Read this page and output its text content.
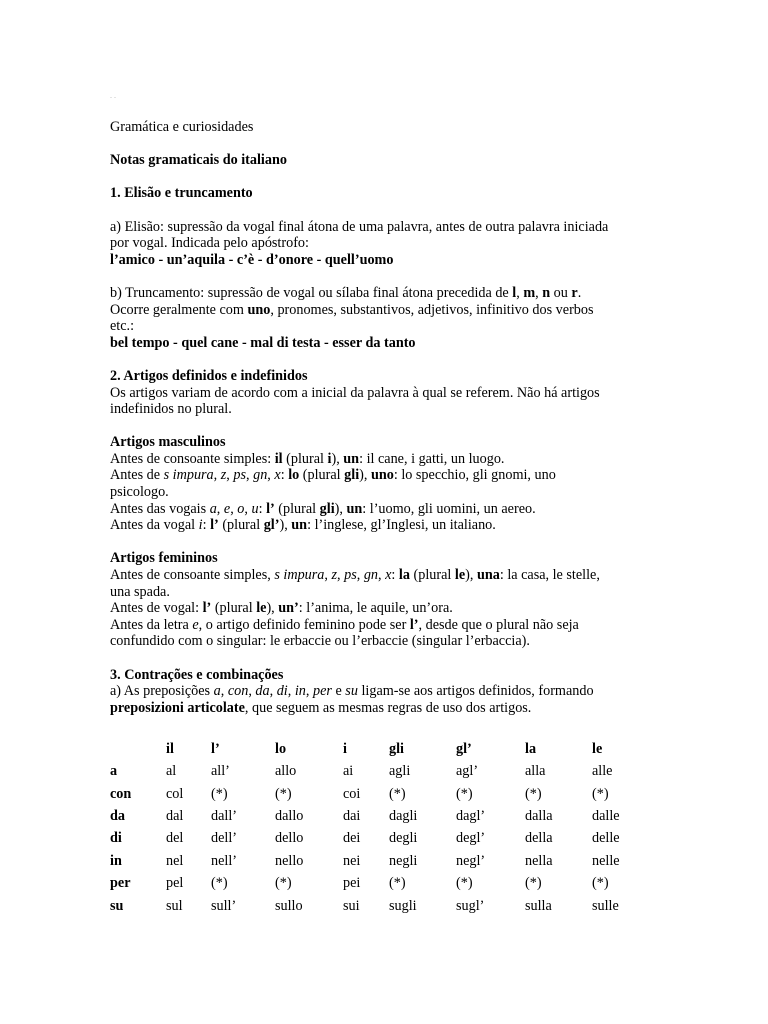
. .

Gramática e curiosidades

Notas gramaticais do italiano

1. Elisão e truncamento

a) Elisão: supressão da vogal final átona de uma palavra, antes de outra palavra iniciada

por vogal. Indicada pelo apóstrofo:

l’amico - un’aquila - c’è - d’onore - quell’uomo

b) Truncamento: supressão de vogal ou sílaba final átona precedida de l, m, n ou r.

Ocorre geralmente com uno, pronomes, substantivos, adjetivos, infinitivo dos verbos

etc.:

bel tempo - quel cane - mal di testa - esser da tanto

2. Artigos definidos e indefinidos

Os artigos variam de acordo com a inicial da palavra à qual se referem. Não há artigos

indefinidos no plural.

Artigos masculinos

Antes de consoante simples: il (plural i), un: il cane, i gatti, un luogo.

Antes de s impura, z, ps, gn, x: lo (plural gli), uno: lo specchio, gli gnomi, uno

psicologo.

Antes das vogais a, e, o, u: l’ (plural gli), un: l’uomo, gli uomini, un aereo.

Antes da vogal i: l’ (plural gl’), un: l’inglese, gl’Inglesi, un italiano.

Artigos femininos

Antes de consoante simples, s impura, z, ps, gn, x: la (plural le), una: la casa, le stelle,

una spada.

Antes de vogal: l’ (plural le), un’: l’anima, le aquile, un’ora.

Antes da letra e, o artigo definido feminino pode ser l’, desde que o plural não seja

confundido com o singular: le erbaccie ou l’erbaccie (singular l’erbaccia).

3. Contrações e combinações

a) As preposições a, con, da, di, in, per e su ligam-se aos artigos definidos, formando

preposizioni articolate, que seguem as mesmas regras de uso dos artigos.

	il	l’	lo	i	gli	gl’	la	le
a	al	all’	allo	ai	agli	agl’	alla	alle
con	col	(*)	(*)	coi	(*)	(*)	(*)	(*)
da	dal	dall’	dallo	dai	dagli	dagl’	dalla	dalle
di	del	dell’	dello	dei	degli	degl’	della	delle
in	nel	nell’	nello	nei	negli	negl’	nella	nelle
per	pel	(*)	(*)	pei	(*)	(*)	(*)	(*)
su	sul	sull’	sullo	sui	sugli	sugl’	sulla	sulle
